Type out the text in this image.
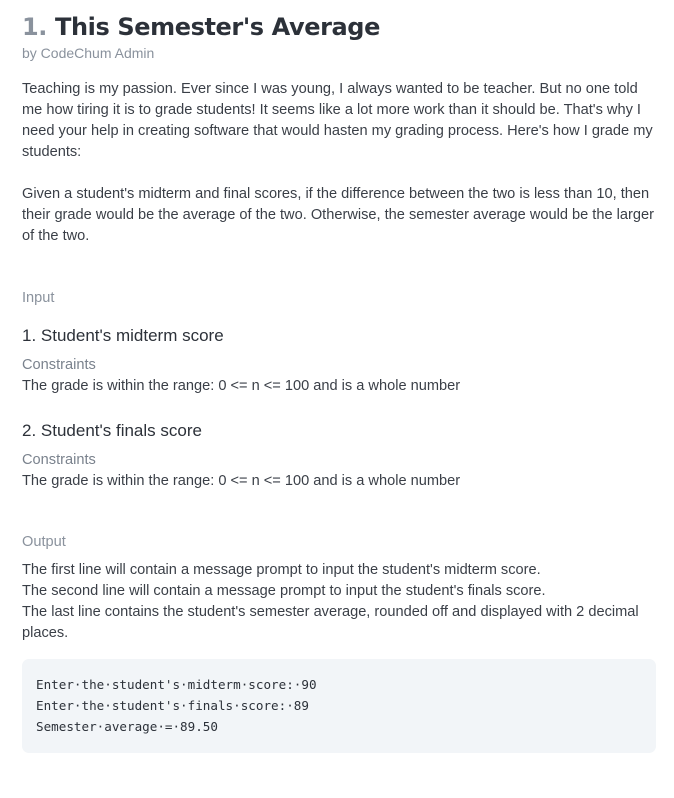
1. This Semester's Average
by CodeChum Admin
Teaching is my passion. Ever since I was young, I always wanted to be teacher. But no one told me how tiring it is to grade students! It seems like a lot more work than it should be. That's why I need your help in creating software that would hasten my grading process. Here's how I grade my students:
Given a student's midterm and final scores, if the difference between the two is less than 10, then their grade would be the average of the two. Otherwise, the semester average would be the larger of the two.
Input
1. Student's midterm score
Constraints
The grade is within the range: 0 <= n <= 100 and is a whole number
2. Student's finals score
Constraints
The grade is within the range: 0 <= n <= 100 and is a whole number
Output
The first line will contain a message prompt to input the student's midterm score.
The second line will contain a message prompt to input the student's finals score.
The last line contains the student's semester average, rounded off and displayed with 2 decimal places.
Enter·the·student's·midterm·score:·90
Enter·the·student's·finals·score:·89
Semester·average·=·89.50
